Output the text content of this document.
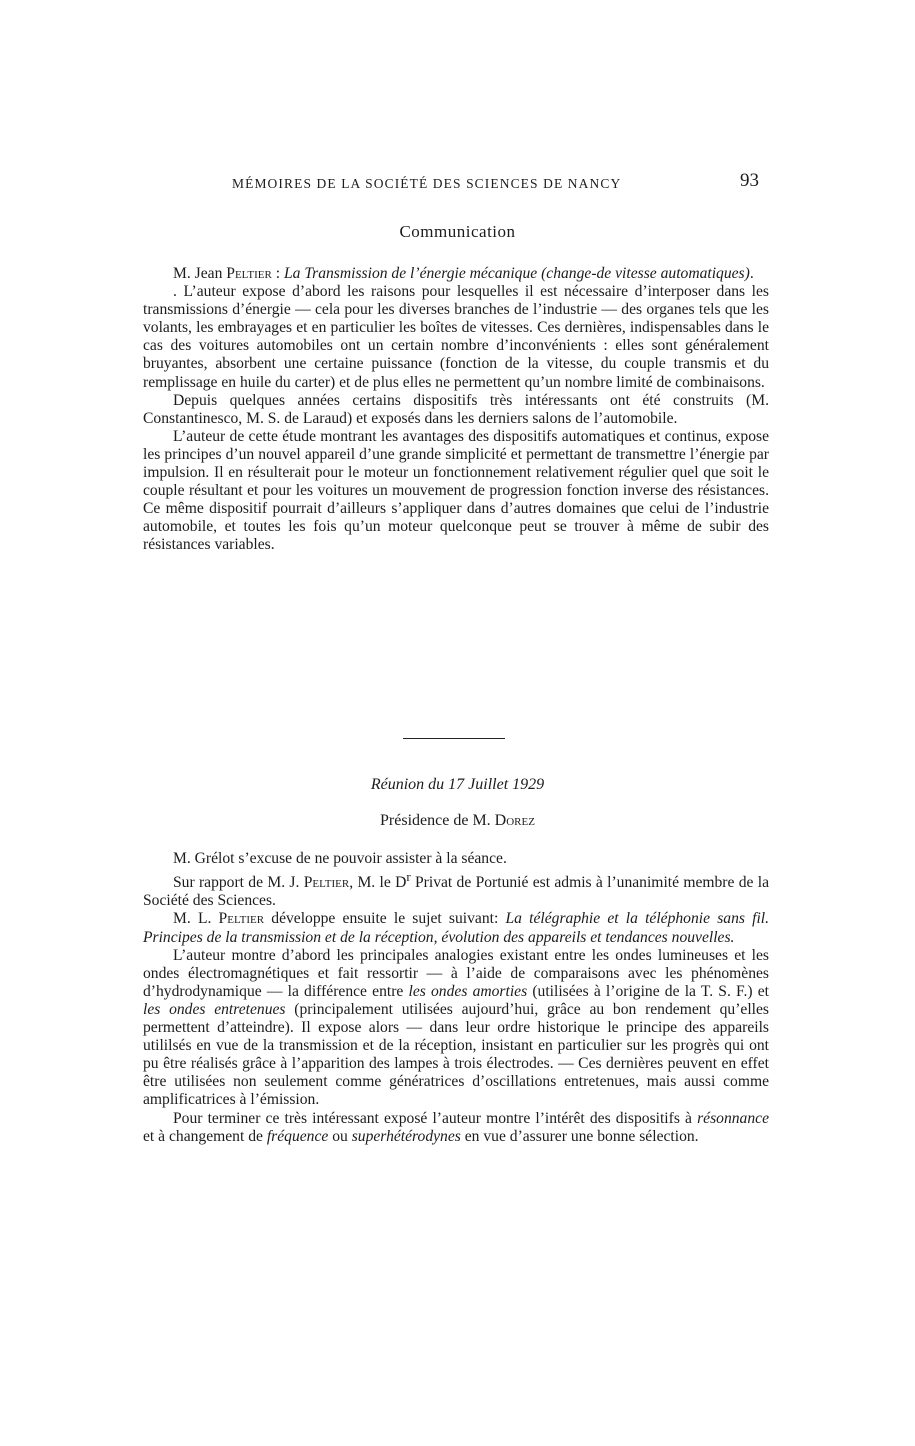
MÉMOIRES DE LA SOCIÉTÉ DES SCIENCES DE NANCY	93
Communication

M. Jean Peltier : La Transmission de l’énergie mécanique (change-de vitesse automatiques).

. L’auteur expose d’abord les raisons pour lesquelles il est nécessaire d’interposer dans les transmissions d’énergie — cela pour les diverses branches de l’industrie — des organes tels que les volants, les embrayages et en particulier les boîtes de vitesses. Ces dernières, indispensables dans le cas des voitures automobiles ont un certain nombre d’inconvénients : elles sont généralement bruyantes, absorbent une certaine puissance (fonction de la vitesse, du couple transmis et du remplissage en huile du carter) et de plus elles ne permettent qu’un nombre limité de combinaisons.

Depuis quelques années certains dispositifs très intéressants ont été construits (M. Constantinesco, M. S. de Laraud) et exposés dans les derniers salons de l’automobile.

L’auteur de cette étude montrant les avantages des dispositifs automatiques et continus, expose les principes d’un nouvel appareil d’une grande simplicité et permettant de transmettre l’énergie par impulsion. Il en résulterait pour le moteur un fonctionnement relativement régulier quel que soit le couple résultant et pour les voitures un mouvement de progression fonction inverse des résistances. Ce même dispositif pourrait d’ailleurs s’appliquer dans d’autres domaines que celui de l’industrie automobile, et toutes les fois qu’un moteur quelconque peut se trouver à même de subir des résistances variables.

Réunion du 17 Juillet 1929
Présidence de M. Dorez

M. Grélot s’excuse de ne pouvoir assister à la séance.

Sur rapport de M. J. Peltier, M. le $D^r$ Privat de Portunié est admis à l’unanimité membre de la Société des Sciences.

M. L. Peltier développe ensuite le sujet suivant: La télégraphie et la téléphonie sans fil. Principes de la transmission et de la réception, évolution des appareils et tendances nouvelles.

L’auteur montre d’abord les principales analogies existant entre les ondes lumineuses et les ondes électromagnétiques et fait ressortir — à l’aide de comparaisons avec les phénomènes d’hydrodynamique — la différence entre les ondes amorties (utilisées à l’origine de la T. S. F.) et les ondes entretenues (principalement utilisées aujourd’hui, grâce au bon rendement qu’elles permettent d’atteindre). Il expose alors — dans leur ordre historique le principe des appareils utililsés en vue de la transmission et de la réception, insistant en particulier sur les progrès qui ont pu être réalisés grâce à l’apparition des lampes à trois électrodes. — Ces dernières peuvent en effet être utilisées non seulement comme génératrices d’oscillations entretenues, mais aussi comme amplificatrices à l’émission.

Pour terminer ce très intéressant exposé l’auteur montre l’intérêt des dispositifs à résonnance et à changement de fréquence ou superhétérodynes en vue d’assurer une bonne sélection.
